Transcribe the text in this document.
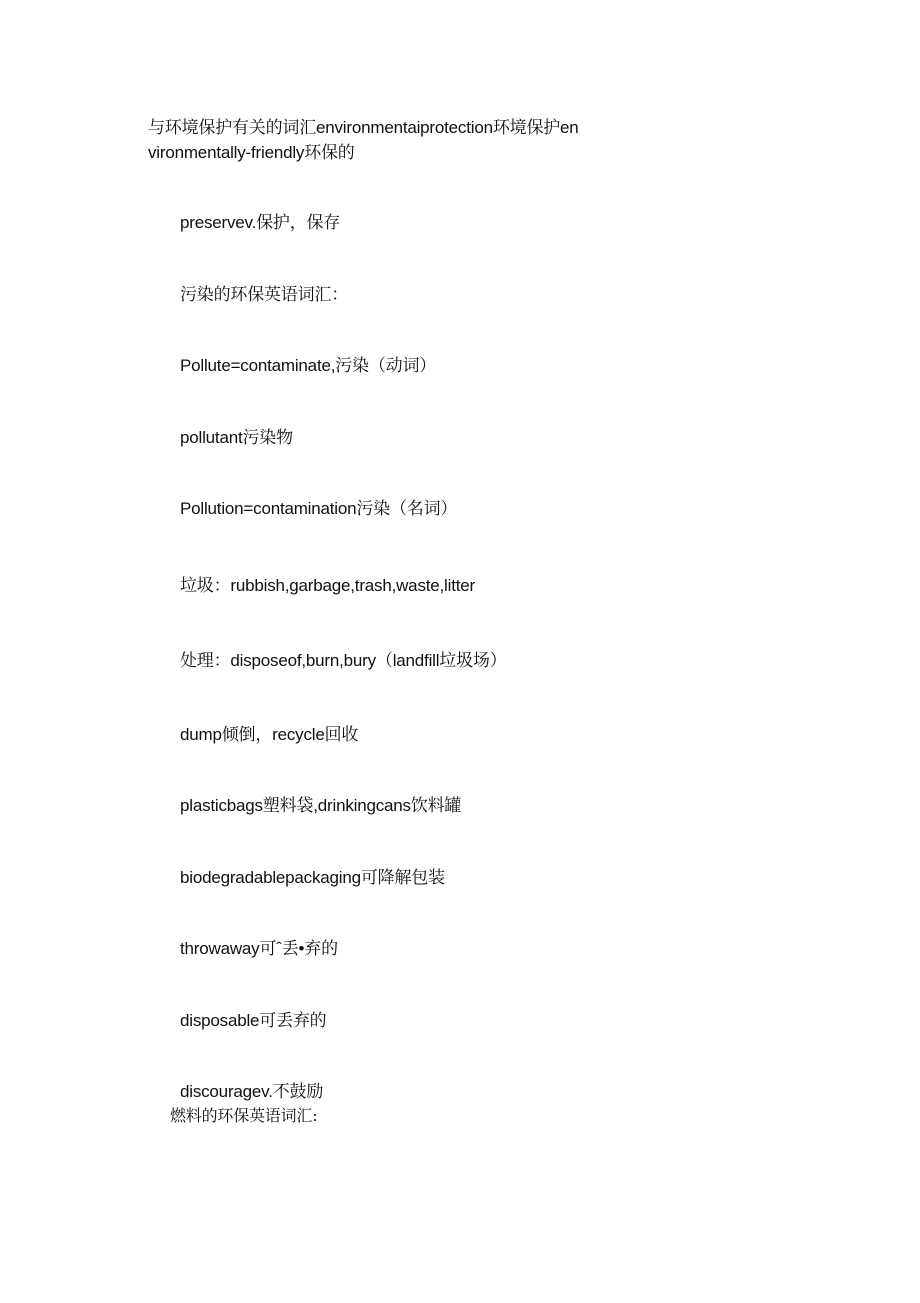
与环境保护有关的词汇environmentaiprotection环境保护en
vironmentally-friendly环保的
preservev.保护，保存
污染的环保英语词汇：
Pollute=contaminate,污染（动词）
pollutant污染物
Pollution=contamination污染（名词）
垃圾：rubbish,garbage,trash,waste,litter
处理：disposeof,burn,bury（landfill垃圾场）
dump倾倒，recycle回收
plasticbags塑料袋,drinkingcans饮料罐
biodegradablepackaging可降解包装
throwaway可ˆ丢•弃的
disposable可丢弃的
discouragev.不鼓励
燃料的环保英语词汇:
